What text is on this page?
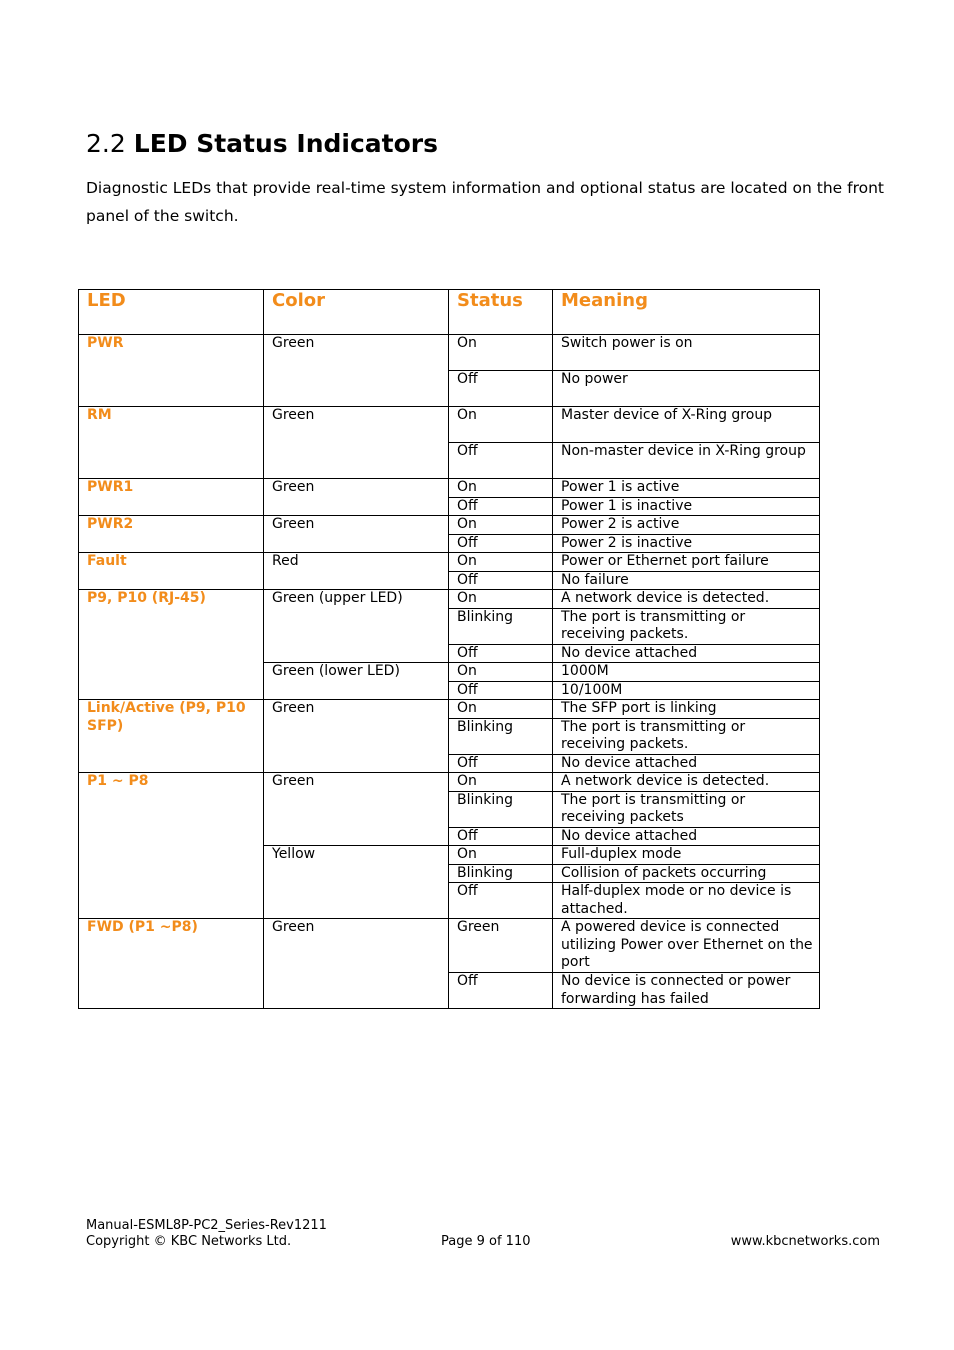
2.2 LED Status Indicators

Diagnostic LEDs that provide real-time system information and optional status are located on the front panel of the switch.

LED	Color	Status	Meaning
PWR	Green	On	Switch power is on
		Off	No power
RM	Green	On	Master device of X-Ring group
		Off	Non-master device in X-Ring group
PWR1	Green	On	Power 1 is active
		Off	Power 1 is inactive
PWR2	Green	On	Power 2 is active
		Off	Power 2 is inactive
Fault	Red	On	Power or Ethernet port failure
		Off	No failure
P9, P10 (RJ-45)	Green (upper LED)	On	A network device is detected.
		Blinking	The port is transmitting or receiving packets.
		Off	No device attached
	Green (lower LED)	On	1000M
		Off	10/100M
Link/Active (P9, P10 SFP)	Green	On	The SFP port is linking
		Blinking	The port is transmitting or receiving packets.
		Off	No device attached
P1 ~ P8	Green	On	A network device is detected.
		Blinking	The port is transmitting or receiving packets
		Off	No device attached
	Yellow	On	Full-duplex mode
		Blinking	Collision of packets occurring
		Off	Half-duplex mode or no device is attached.
FWD (P1 ~P8)	Green	Green	A powered device is connected utilizing Power over Ethernet on the port
		Off	No device is connected or power forwarding has failed
Manual-ESML8P-PC2_Series-Rev1211
Copyright © KBC Networks Ltd.	www.kbcnetworks.com
Page 9 of 110
